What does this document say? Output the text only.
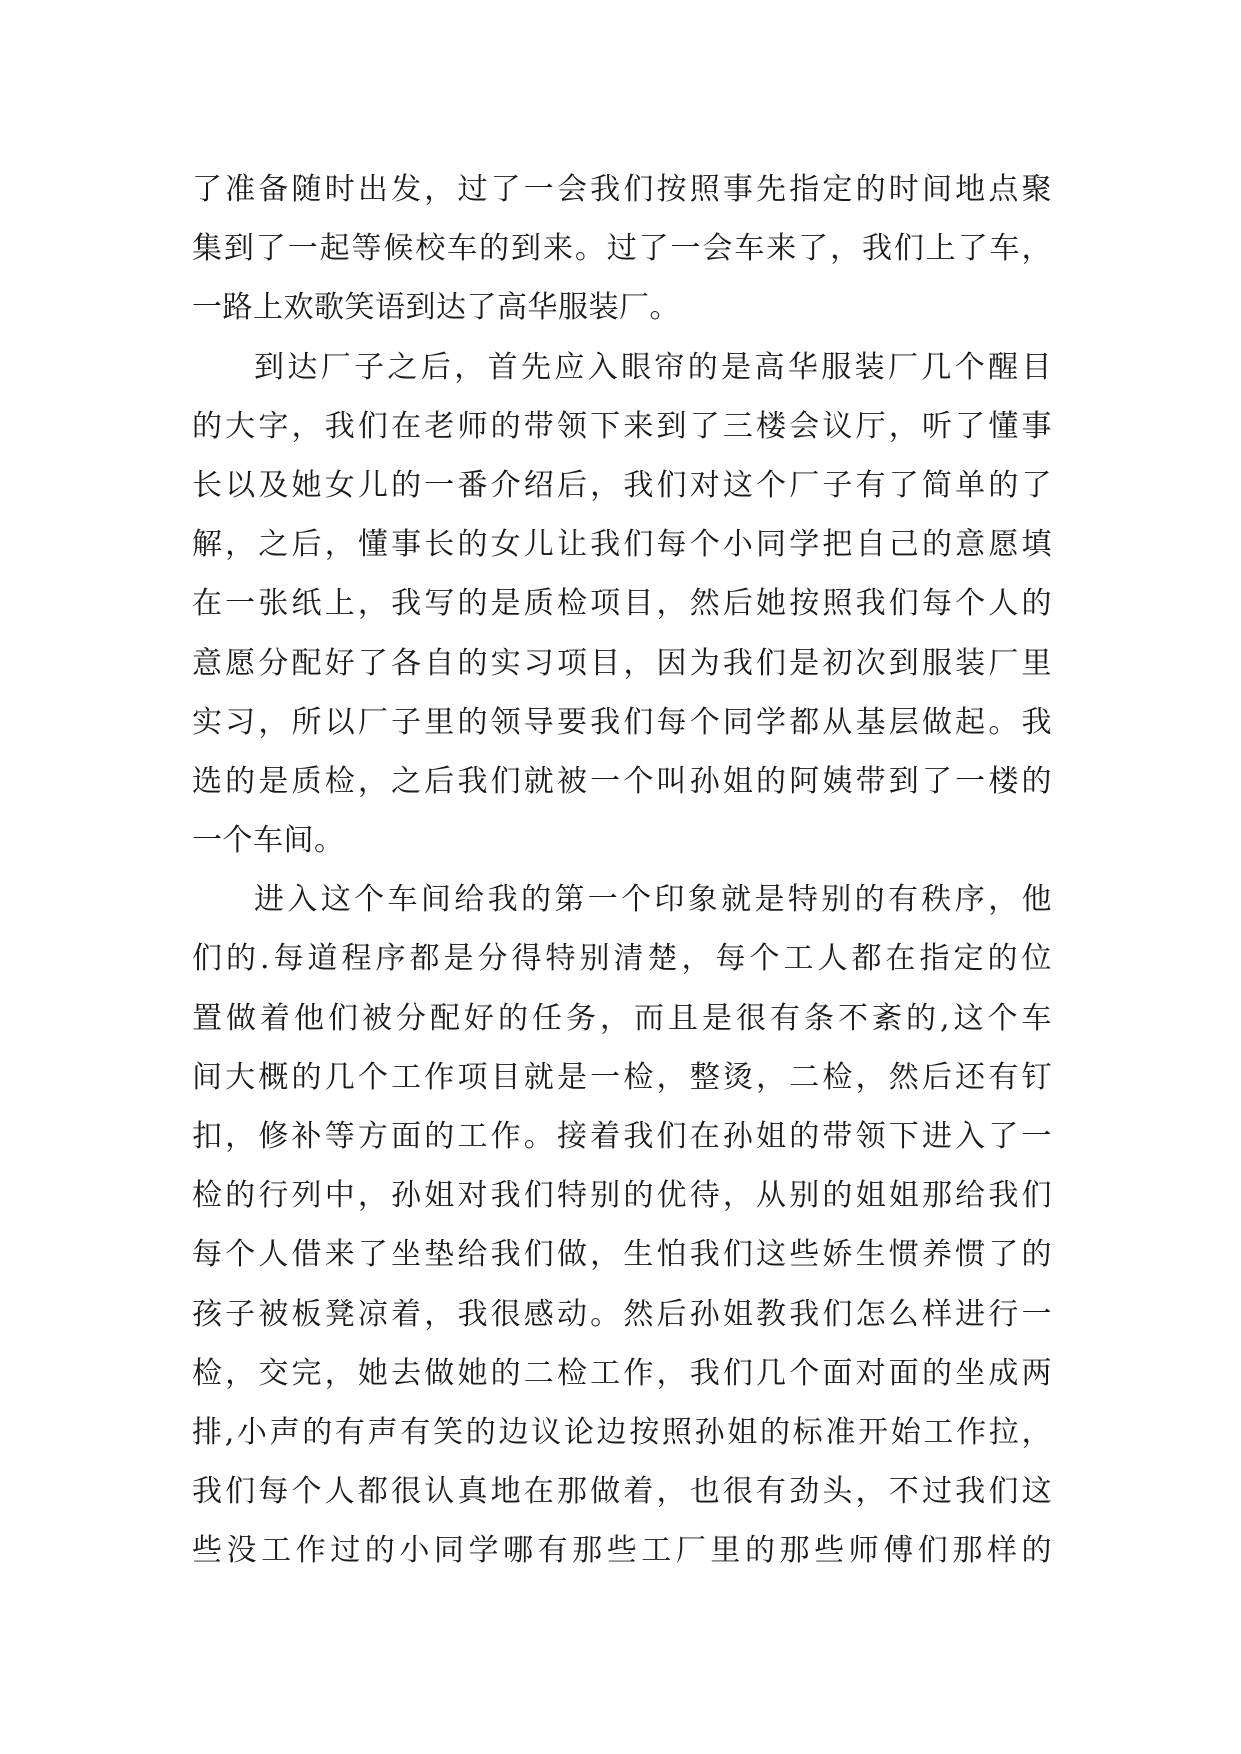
了准备随时出发，过了一会我们按照事先指定的时间地点聚
集到了一起等候校车的到来。过了一会车来了，我们上了车，
一路上欢歌笑语到达了高华服装厂。
到达厂子之后，首先应入眼帘的是高华服装厂几个醒目
的大字，我们在老师的带领下来到了三楼会议厅，听了懂事
长以及她女儿的一番介绍后，我们对这个厂子有了简单的了
解，之后，懂事长的女儿让我们每个小同学把自己的意愿填
在一张纸上，我写的是质检项目，然后她按照我们每个人的
意愿分配好了各自的实习项目，因为我们是初次到服装厂里
实习，所以厂子里的领导要我们每个同学都从基层做起。我
选的是质检，之后我们就被一个叫孙姐的阿姨带到了一楼的
一个车间。
进入这个车间给我的第一个印象就是特别的有秩序，他
们的.每道程序都是分得特别清楚，每个工人都在指定的位
置做着他们被分配好的任务，而且是很有条不紊的,这个车
间大概的几个工作项目就是一检，整烫，二检，然后还有钉
扣，修补等方面的工作。接着我们在孙姐的带领下进入了一
检的行列中，孙姐对我们特别的优待，从别的姐姐那给我们
每个人借来了坐垫给我们做，生怕我们这些娇生惯养惯了的
孩子被板凳凉着，我很感动。然后孙姐教我们怎么样进行一
检，交完，她去做她的二检工作，我们几个面对面的坐成两
排,小声的有声有笑的边议论边按照孙姐的标准开始工作拉，
我们每个人都很认真地在那做着，也很有劲头，不过我们这
些没工作过的小同学哪有那些工厂里的那些师傅们那样的
